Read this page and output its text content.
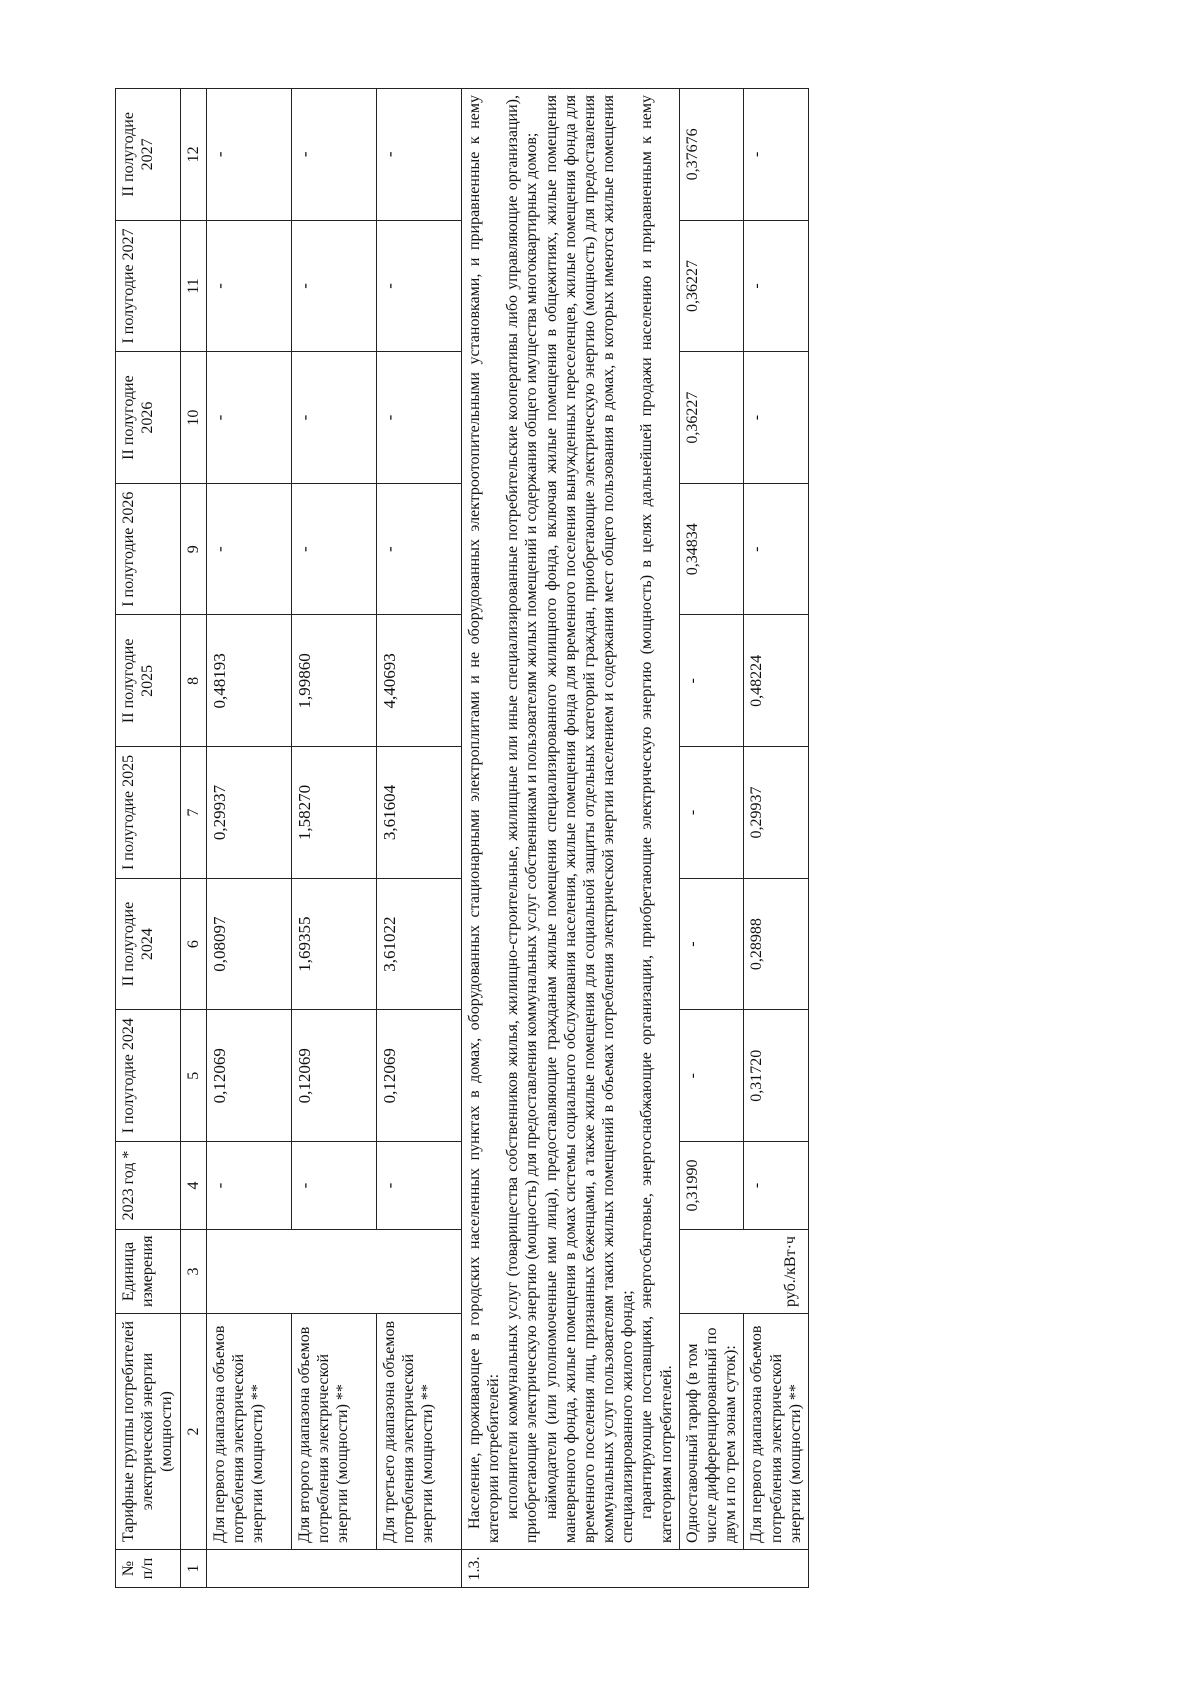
№ п/п	Тарифные группы потребителей электрической энергии (мощности)	Единица измерения	2023 год *	I полугодие 2024	II полугодие 2024	I полугодие 2025	II полугодие 2025	I полугодие 2026	II полугодие 2026	I полугодие 2027	II полугодие 2027
1	2	3	4	5	6	7	8	9	10	11	12
	Для первого диапазона объемов потребления электрической энергии (мощности) **		-	0,12069	0,08097	0,29937	0,48193	-	-	-	-
	Для второго диапазона объемов потребления электрической энергии (мощности) **		-	0,12069	1,69355	1,58270	1,99860	-	-	-	-
	Для третьего диапазона объемов потребления электрической энергии (мощности) **		-	0,12069	3,61022	3,61604	4,40693	-	-	-	-
1.3.	Население, проживающее в городских населенных пунктах в домах, оборудованных стационарными электроплитами и не оборудованных электроотопительными установками, и приравненные к нему категории потребителей: исполнители коммунальных услуг (товарищества собственников жилья, жилищно-строительные, жилищные или иные специализированные потребительские кооперативы либо управляющие организации), приобретающие электрическую энергию (мощность) для предоставления коммунальных услуг собственникам и пользователям жилых помещений и содержания общего имущества многоквартирных домов; наймодатели (или уполномоченные ими лица), предоставляющие гражданам жилые помещения специализированного жилищного фонда, включая жилые помещения в общежитиях, жилые помещения маневренного фонда, жилые помещения в домах системы социального обслуживания населения, жилые помещения фонда для временного поселения вынужденных переселенцев, жилые помещения фонда для временного поселения лиц, признанных беженцами, а также жилые помещения для социальной защиты отдельных категорий граждан, приобретающие электрическую энергию (мощность) для предоставления коммунальных услуг пользователям таких жилых помещений в объемах потребления электрической энергии населением и содержания мест общего пользования в домах, в которых имеются жилые помещения специализированного жилого фонда; гарантирующие поставщики, энергосбытовые, энергоснабжающие организации, приобретающие электрическую энергию (мощность) в целях дальнейшей продажи населению и приравненным к нему категориям потребителей.										

	Одноставочный тариф (в том числе дифференцированный по двум и по трем зонам суток):	руб./кВт·ч	0,31990	-	-	-	-	0,34834	0,36227	0,36227	0,37676
	Для первого диапазона объемов потребления электрической энергии (мощности) **		-	0,31720	0,28988	0,29937	0,48224	-	-	-	-
